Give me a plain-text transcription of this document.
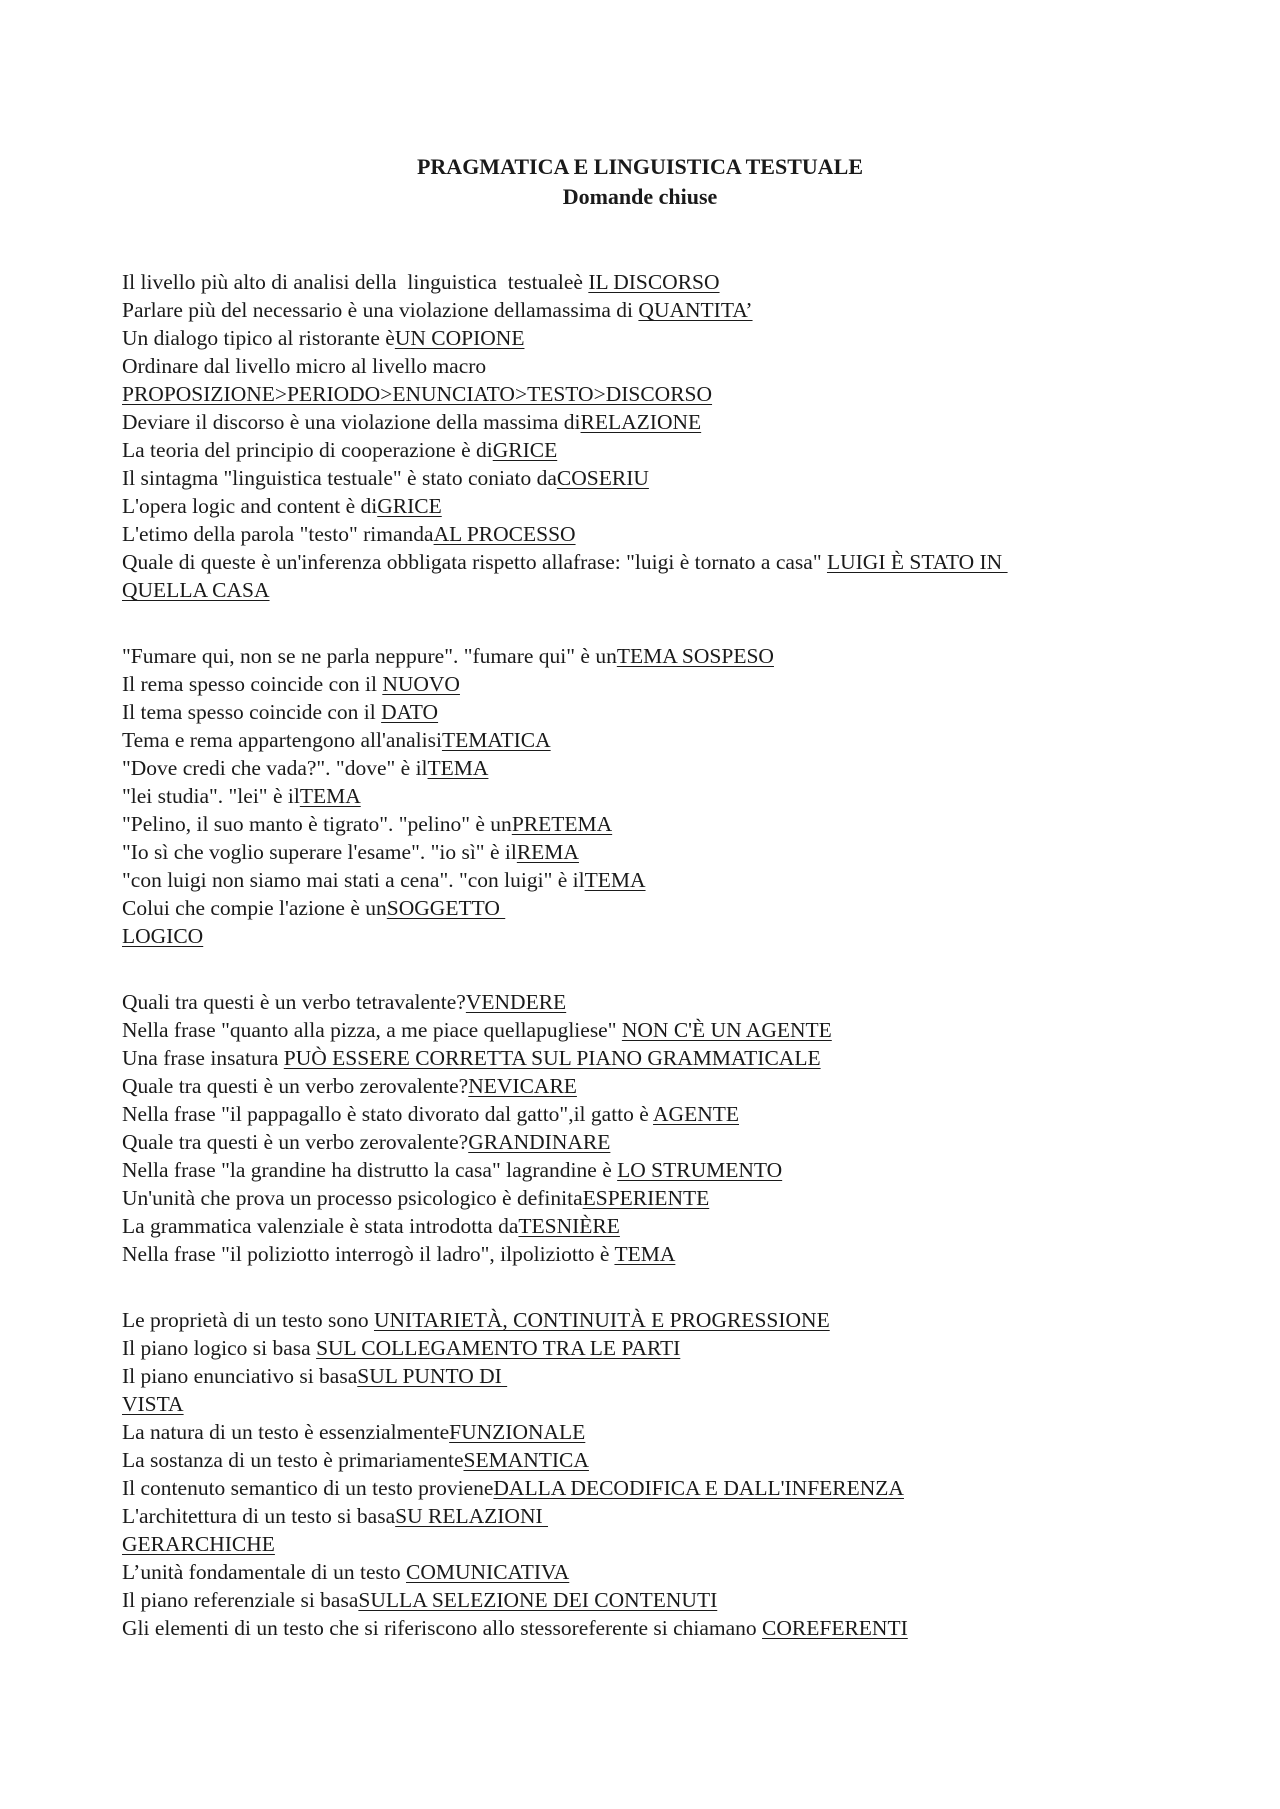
PRAGMATICA E LINGUISTICA TESTUALE
Domande chiuse
Il livello più alto di analisi della  linguistica  testualeè IL DISCORSO
Parlare più del necessario è una violazione dellamassima di QUANTITA’
Un dialogo tipico al ristorante èUN COPIONE
Ordinare dal livello micro al livello macro
PROPOSIZIONE>PERIODO>ENUNCIATO>TESTO>DISCORSO
Deviare il discorso è una violazione della massima diRELAZIONE
La teoria del principio di cooperazione è diGRICE
Il sintagma "linguistica testuale" è stato coniato daCOSERIU
L'opera logic and content è diGRICE
L'etimo della parola "testo" rimandaAL PROCESSO
Quale di queste è un'inferenza obbligata rispetto allafrase: "luigi è tornato a casa" LUIGI È STATO IN
QUELLA CASA
"Fumare qui, non se ne parla neppure". "fumare qui" è unTEMA SOSPESO
Il rema spesso coincide con il NUOVO
Il tema spesso coincide con il DATO
Tema e rema appartengono all'analisiTEMATICA
"Dove credi che vada?". "dove" è ilTEMA
"lei studia". "lei" è ilTEMA
"Pelino, il suo manto è tigrato". "pelino" è unPRETEMA
"Io sì che voglio superare l'esame". "io sì" è ilREMA
"con luigi non siamo mai stati a cena". "con luigi" è ilTEMA
Colui che compie l'azione è unSOGGETTO
LOGICO
Quali tra questi è un verbo tetravalente?VENDERE
Nella frase "quanto alla pizza, a me piace quellapugliese" NON C'È UN AGENTE
Una frase insatura PUÒ ESSERE CORRETTA SUL PIANO GRAMMATICALE
Quale tra questi è un verbo zerovalente?NEVICARE
Nella frase "il pappagallo è stato divorato dal gatto",il gatto è AGENTE
Quale tra questi è un verbo zerovalente?GRANDINARE
Nella frase "la grandine ha distrutto la casa" lagrandine è LO STRUMENTO
Un'unità che prova un processo psicologico è definitaESPERIENTE
La grammatica valenziale è stata introdotta daTESNIÈRE
Nella frase "il poliziotto interrogò il ladro", ilpoliziotto è TEMA
Le proprietà di un testo sono UNITARIETÀ, CONTINUITÀ E PROGRESSIONE
Il piano logico si basa SUL COLLEGAMENTO TRA LE PARTI
Il piano enunciativo si basaSUL PUNTO DI
VISTA
La natura di un testo è essenzialmenteFUNZIONALE
La sostanza di un testo è primariamenteSEMANTICA
Il contenuto semantico di un testo provieneDALLA DECODIFICA E DALL'INFERENZA
L'architettura di un testo si basaSU RELAZIONI
GERARCHICHE
L’unità fondamentale di un testo COMUNICATIVA
Il piano referenziale si basaSULLA SELEZIONE DEI CONTENUTI
Gli elementi di un testo che si riferiscono allo stessoreferente si chiamano COREFERENTI
